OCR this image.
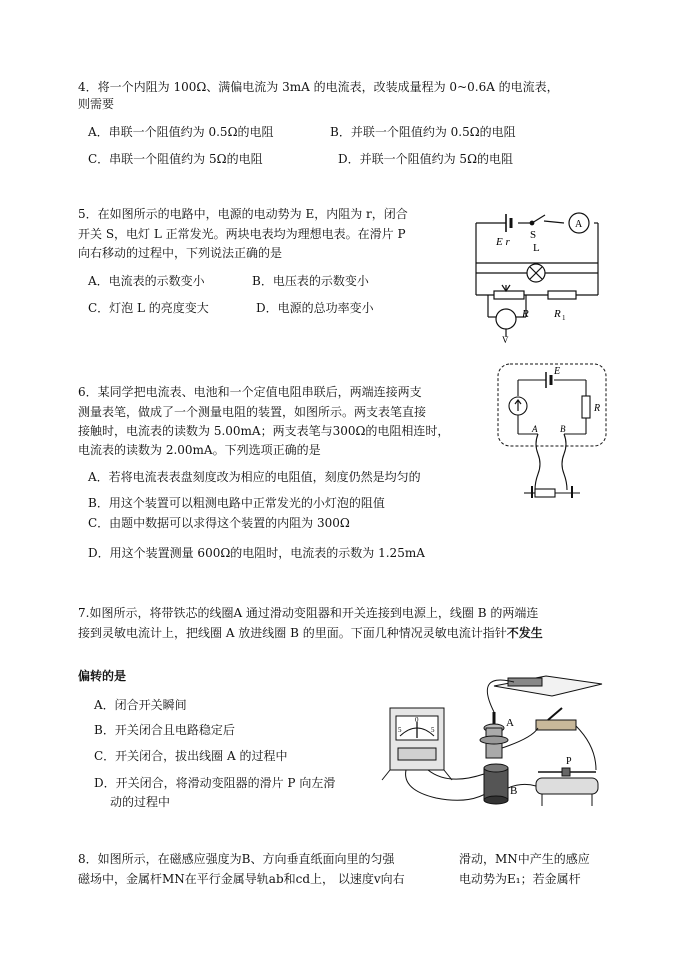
4．将一个内阻为 100Ω、满偏电流为 3mA 的电流表，改装成量程为 0~0.6A 的电流表，
则需要
A．串联一个阻值约为 0.5Ω的电阻	B．并联一个阻值约为 0.5Ω的电阻
C．串联一个阻值约为 5Ω的电阻	D．并联一个阻值约为 5Ω的电阻
5．在如图所示的电路中，电源的电动势为 E，内阻为 r，闭合
开关 S，电灯 L 正常发光。两块电表均为理想电表。在滑片 P
向右移动的过程中，下列说法正确的是
A．电流表的示数变小	B．电压表的示数变小
C．灯泡 L 的亮度变大	D．电源的总功率变小
E r
S
L
A
V
R R 1
6．某同学把电流表、电池和一个定值电阻串联后，两端连接两支
测量表笔，做成了一个测量电阻的装置，如图所示。两支表笔直接
接触时，电流表的读数为 5.00mA；两支表笔与300Ω的电阻相连时，
电流表的读数为 2.00mA。下列选项正确的是
A．若将电流表表盘刻度改为相应的电阻值，刻度仍然是均匀的
B．用这个装置可以粗测电路中正常发光的小灯泡的阻值
C．由题中数据可以求得这个装置的内阻为 300Ω
D．用这个装置测量 600Ω的电阻时，电流表的示数为 1.25mA
E
R
A	B
7.如图所示，将带铁芯的线圈A 通过滑动变阻器和开关连接到电源上，线圈 B 的两端连
接到灵敏电流计上，把线圈 A 放进线圈 B 的里面。下面几种情况灵敏电流计指针不发生
偏转的是
A．闭合开关瞬间
B．开关闭合且电路稳定后
C．开关闭合，拔出线圈 A 的过程中
D．开关闭合，将滑动变阻器的滑片 P 向左滑
动的过程中
A
B
P
5
0
5
8．如图所示，在磁感应强度为B、方向垂直纸面向里的匀强
磁场中，金属杆MN在平行金属导轨ab和cd上， 以速度v向右
滑动，MN中产生的感应
电动势为E₁；若金属杆
